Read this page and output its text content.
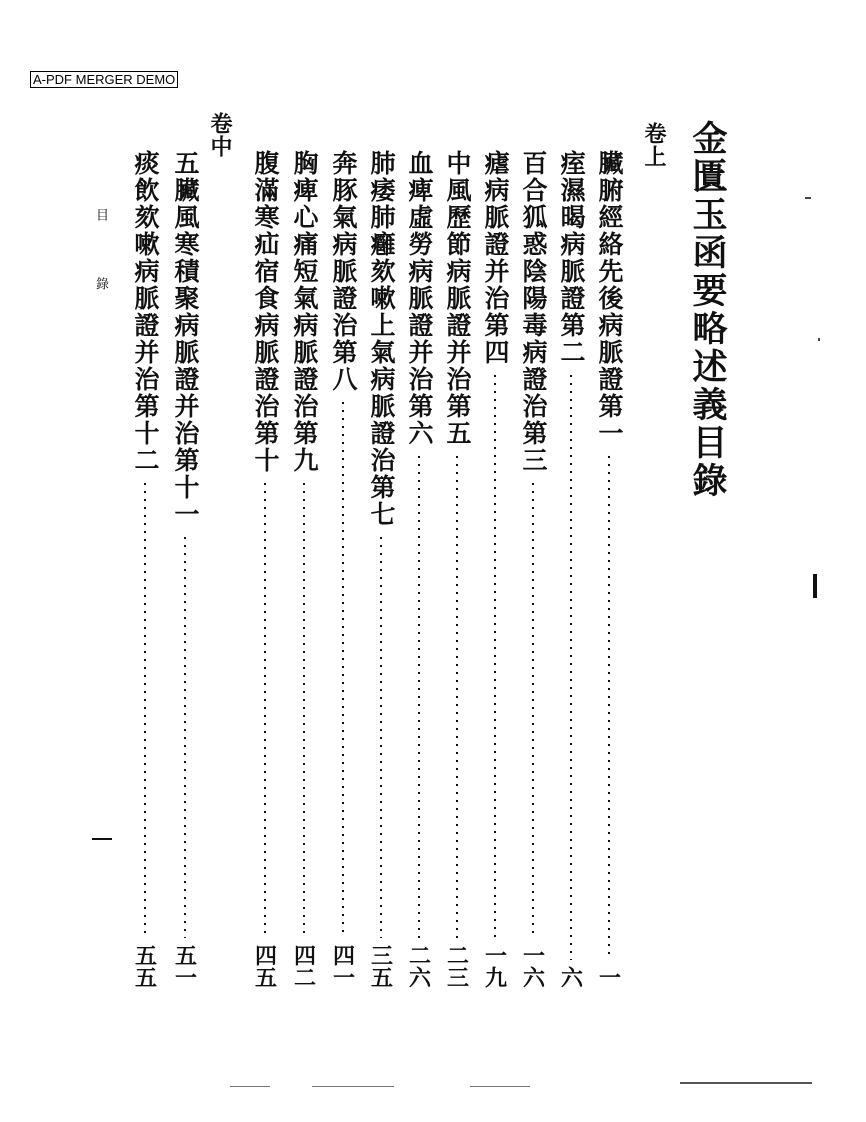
A-PDF MERGER DEMO
金匱玉函要略述義目錄
卷上
臟腑經絡先後病脈證第一
一
痓濕暍病脈證第二
六
百合狐惑陰陽毒病證治第三
一六
瘧病脈證并治第四
一九
中風歷節病脈證并治第五
二三
血痺虛勞病脈證并治第六
二六
肺痿肺癰欬嗽上氣病脈證治第七
三五
奔豚氣病脈證治第八
四一
胸痺心痛短氣病脈證治第九
四二
腹滿寒疝宿食病脈證治第十
四五
卷中
五臟風寒積聚病脈證并治第十一
五一
痰飲欬嗽病脈證并治第十二
五五
目錄
